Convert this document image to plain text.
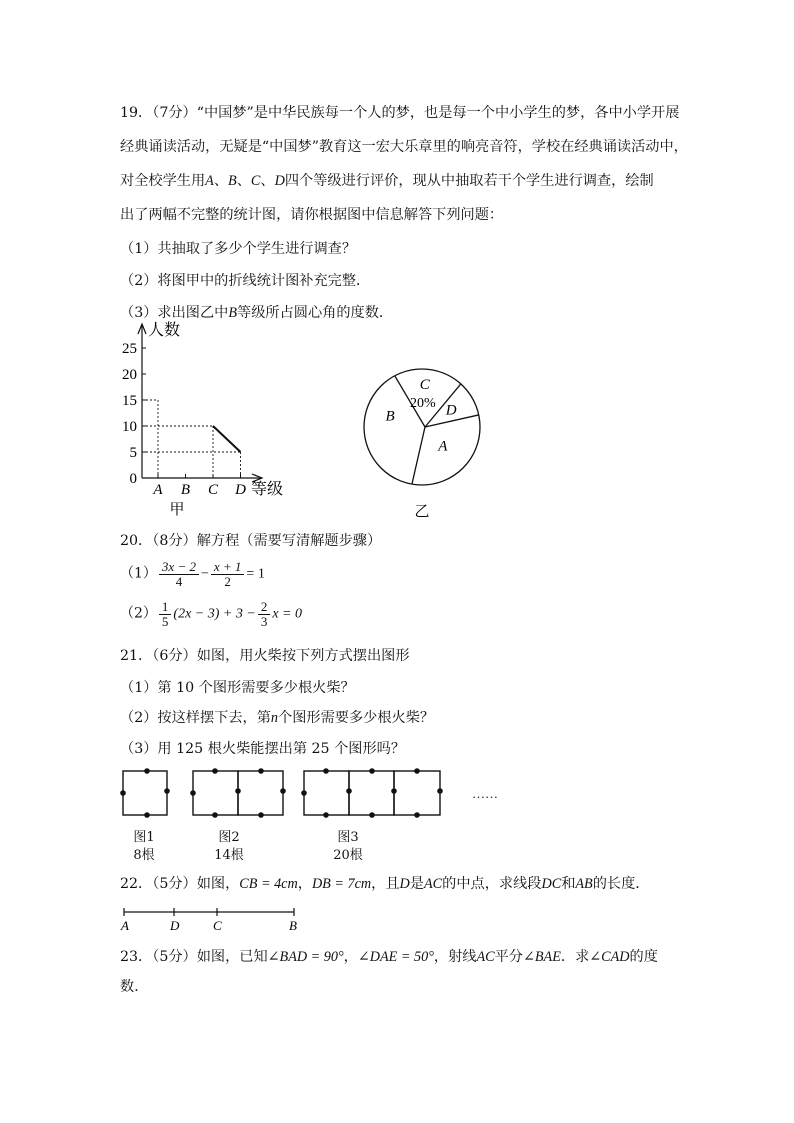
19．（7分）“中国梦”是中华民族每一个人的梦，也是每一个中小学生的梦，各中小学开展
经典诵读活动，无疑是“中国梦”教育这一宏大乐章里的响亮音符，学校在经典诵读活动中，
对全校学生用A、B、C、D四个等级进行评价，现从中抽取若干个学生进行调查，绘制
出了两幅不完整的统计图，请你根据图中信息解答下列问题：
（1）共抽取了多少个学生进行调查？
（2）将图甲中的折线统计图补充完整．
（3）求出图乙中B等级所占圆心角的度数．
0
5
10
15
20
25
A B C D
人数
等级
甲
C
20% D
A
B
乙
20．（8分）解方程（需要写清解题步骤）
$(1) \frac{3x - 2}{4} - \frac{x + 1}{2} = 1$
$(2) \frac{1}{5} (2x - 3) + 3 - \frac{2}{3}$ x = 0
21．（6分）如图，用火柴按下列方式摆出图形
（1）第 10 个图形需要多少根火柴？
（2）按这样摆下去，第n个图形需要多少根火柴？
（3）用 125 根火柴能摆出第 25 个图形吗？
……
图1
8根
图2
14根
图3
20根
22．（5分）如图，CB = 4cm，DB = 7cm，且D是AC的中点，求线段DC和AB的长度．
A	D	C	B
23．（5分）如图，已知∠BAD = 90°，∠DAE = 50°，射线AC平分∠BAE．求∠CAD的度
数．
